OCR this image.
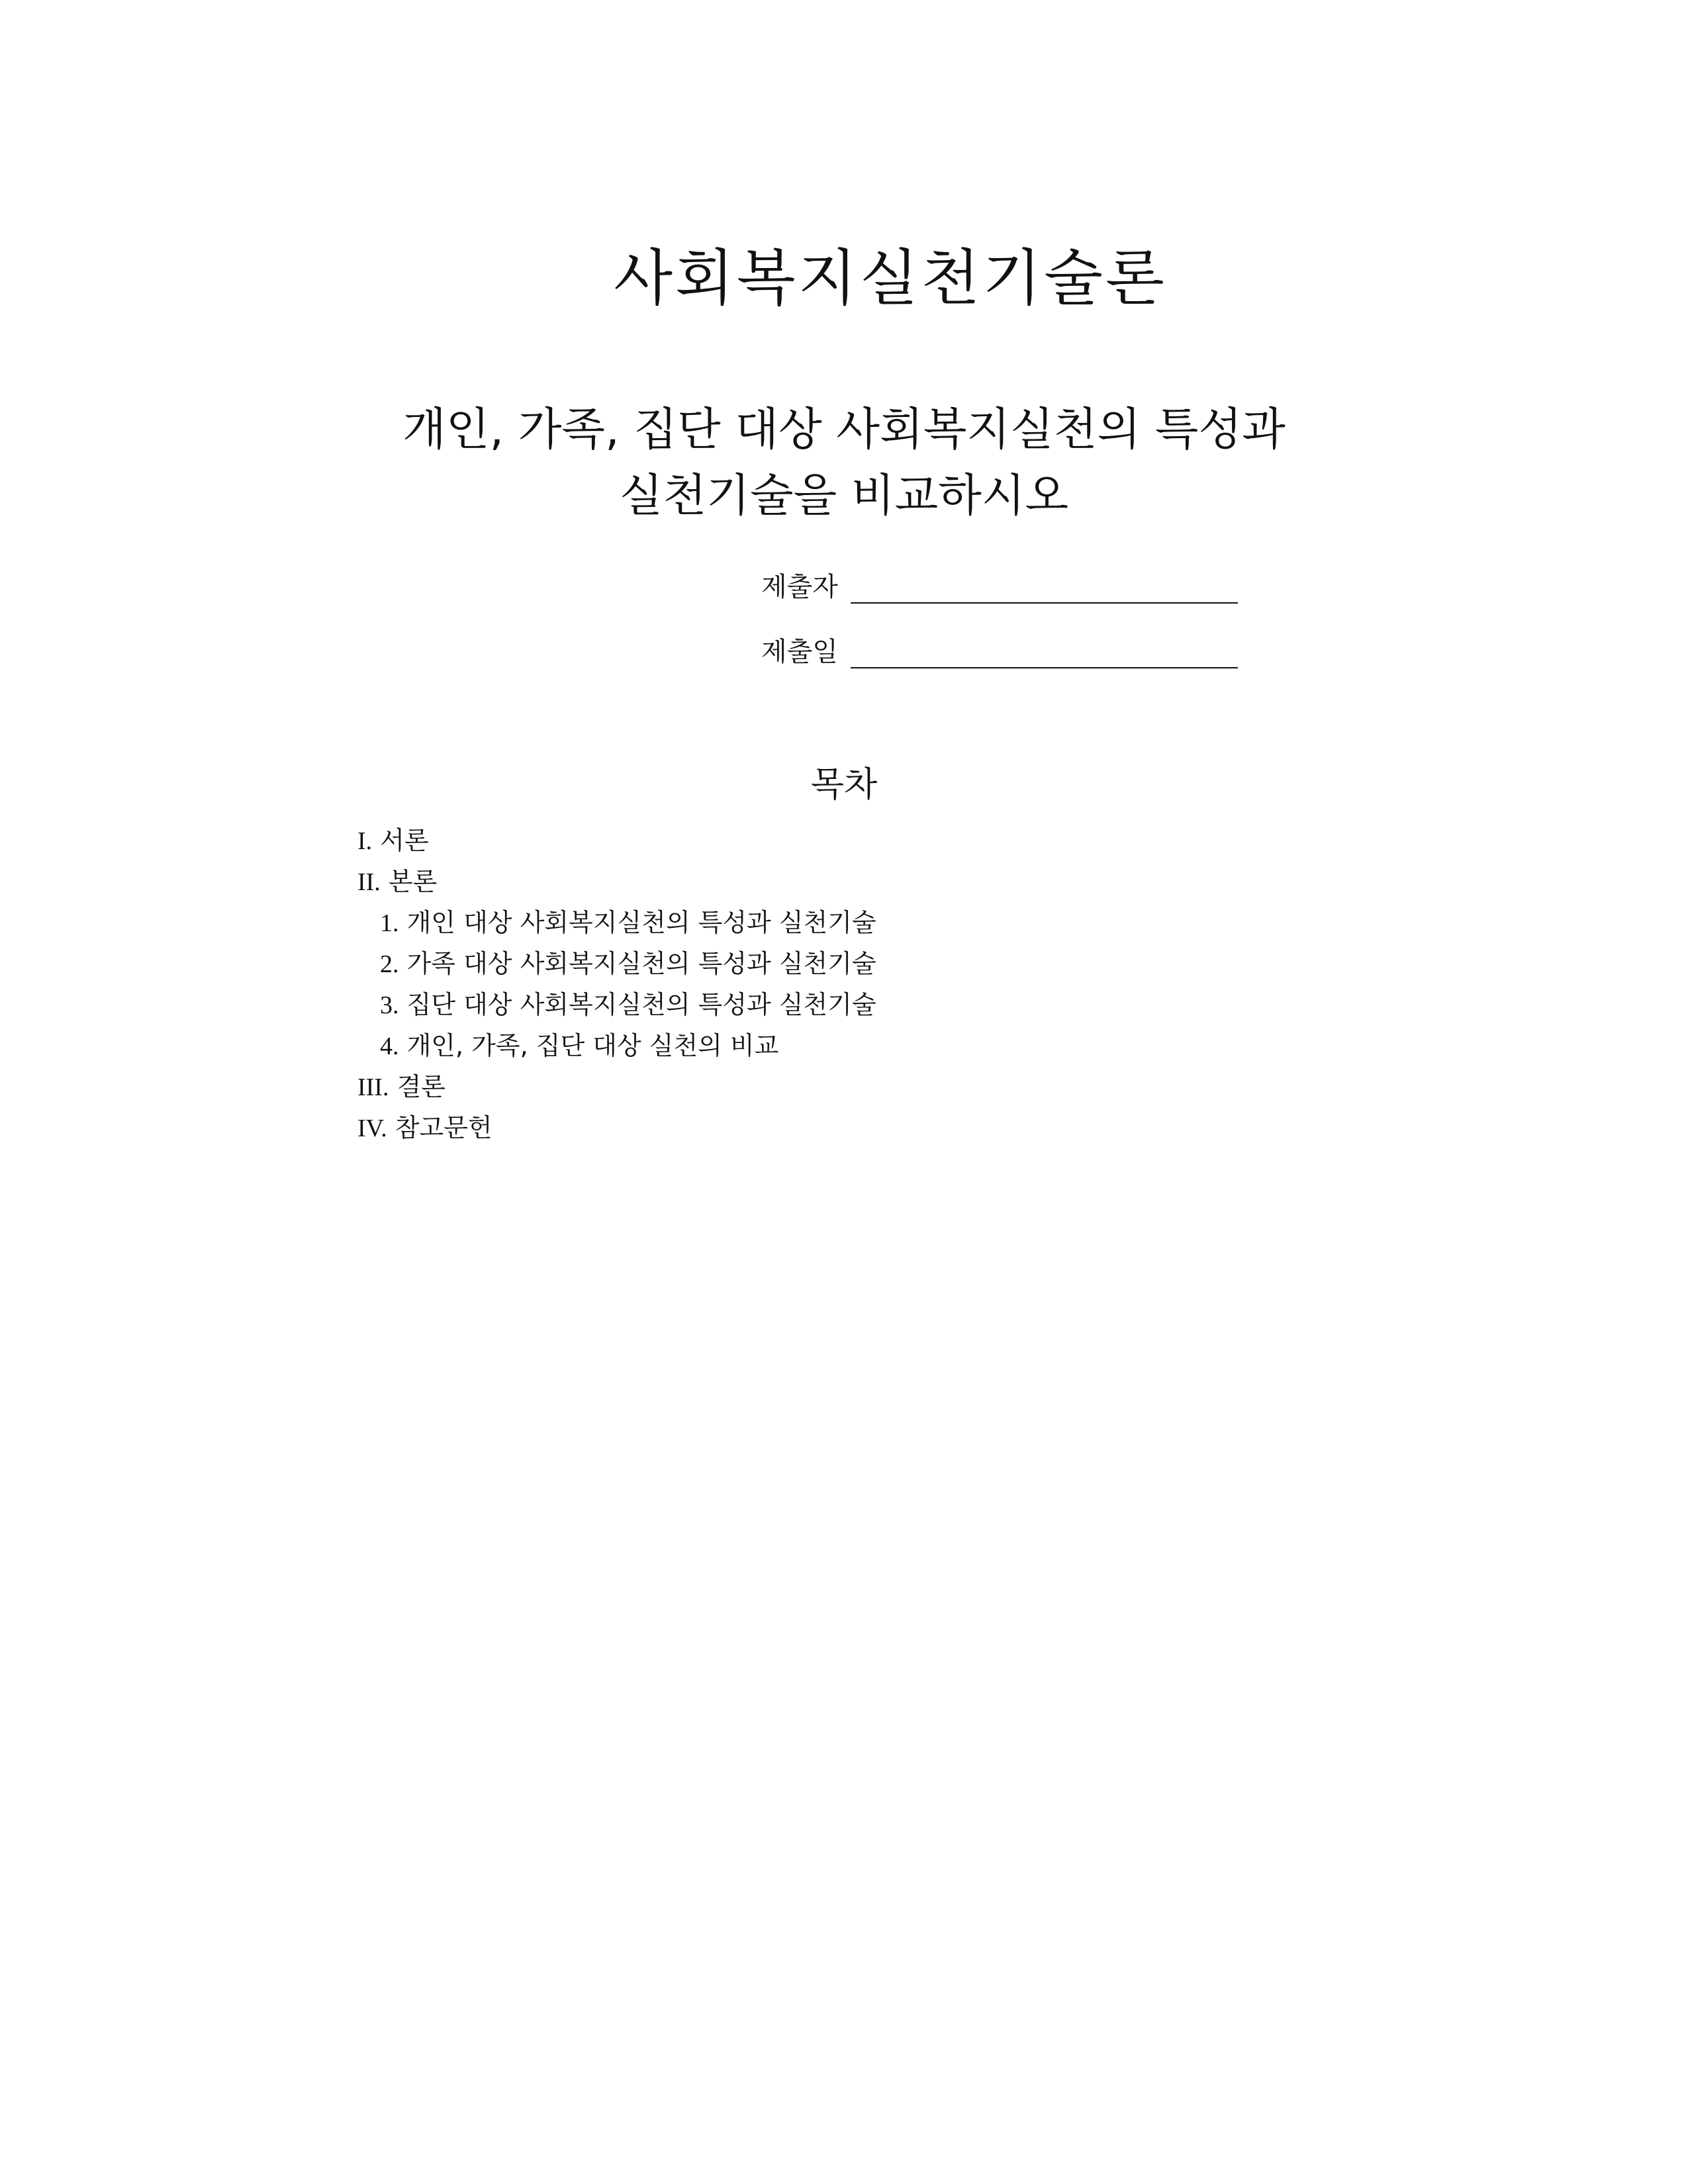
사회복지실천기술론
개인, 가족, 집단 대상 사회복지실천의 특성과
실천기술을 비교하시오
제출자
제출일
목차
I. 서론
II. 본론
1. 개인 대상 사회복지실천의 특성과 실천기술
2. 가족 대상 사회복지실천의 특성과 실천기술
3. 집단 대상 사회복지실천의 특성과 실천기술
4. 개인, 가족, 집단 대상 실천의 비교
III. 결론
IV. 참고문헌
